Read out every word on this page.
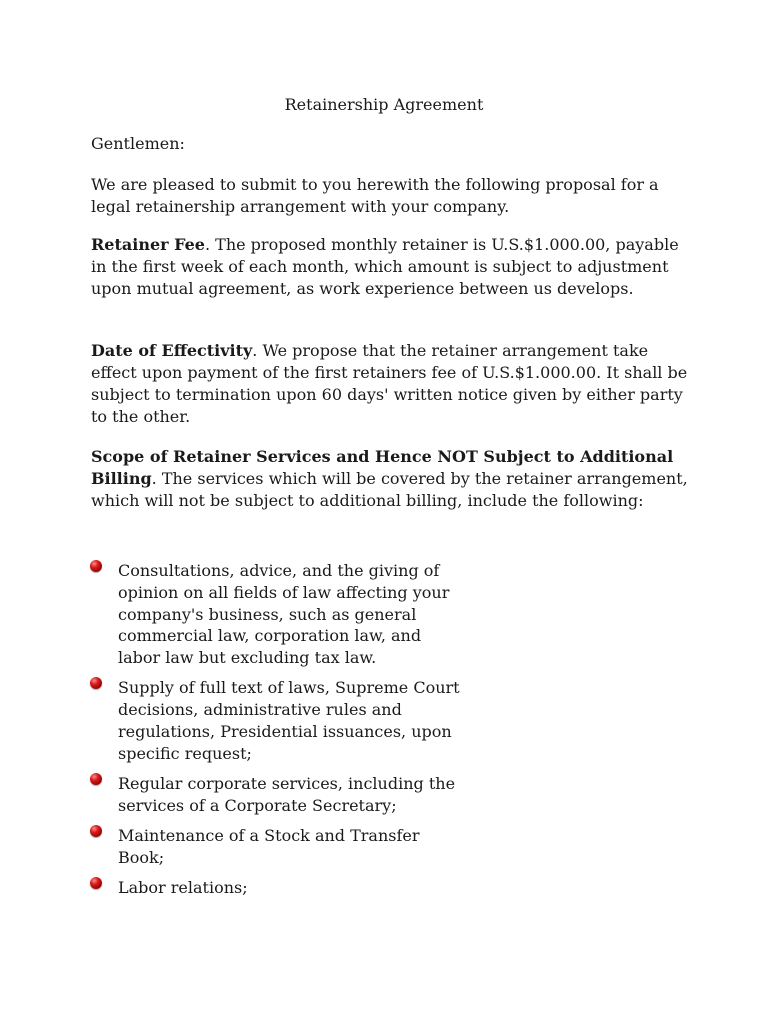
Retainership Agreement
Gentlemen:
We are pleased to submit to you herewith the following proposal for a legal retainership arrangement with your company.
Retainer Fee. The proposed monthly retainer is U.S.$1.000.00, payable in the first week of each month, which amount is subject to adjustment upon mutual agreement, as work experience between us develops.
Date of Effectivity. We propose that the retainer arrangement take effect upon payment of the first retainers fee of U.S.$1.000.00. It shall be subject to termination upon 60 days' written notice given by either party to the other.
Scope of Retainer Services and Hence NOT Subject to Additional Billing. The services which will be covered by the retainer arrangement, which will not be subject to additional billing, include the following:
Consultations, advice, and the giving of opinion on all fields of law affecting your company's business, such as general commercial law, corporation law, and labor law but excluding tax law.
Supply of full text of laws, Supreme Court decisions, administrative rules and regulations, Presidential issuances, upon specific request;
Regular corporate services, including the services of a Corporate Secretary;
Maintenance of a Stock and Transfer Book;
Labor relations;
